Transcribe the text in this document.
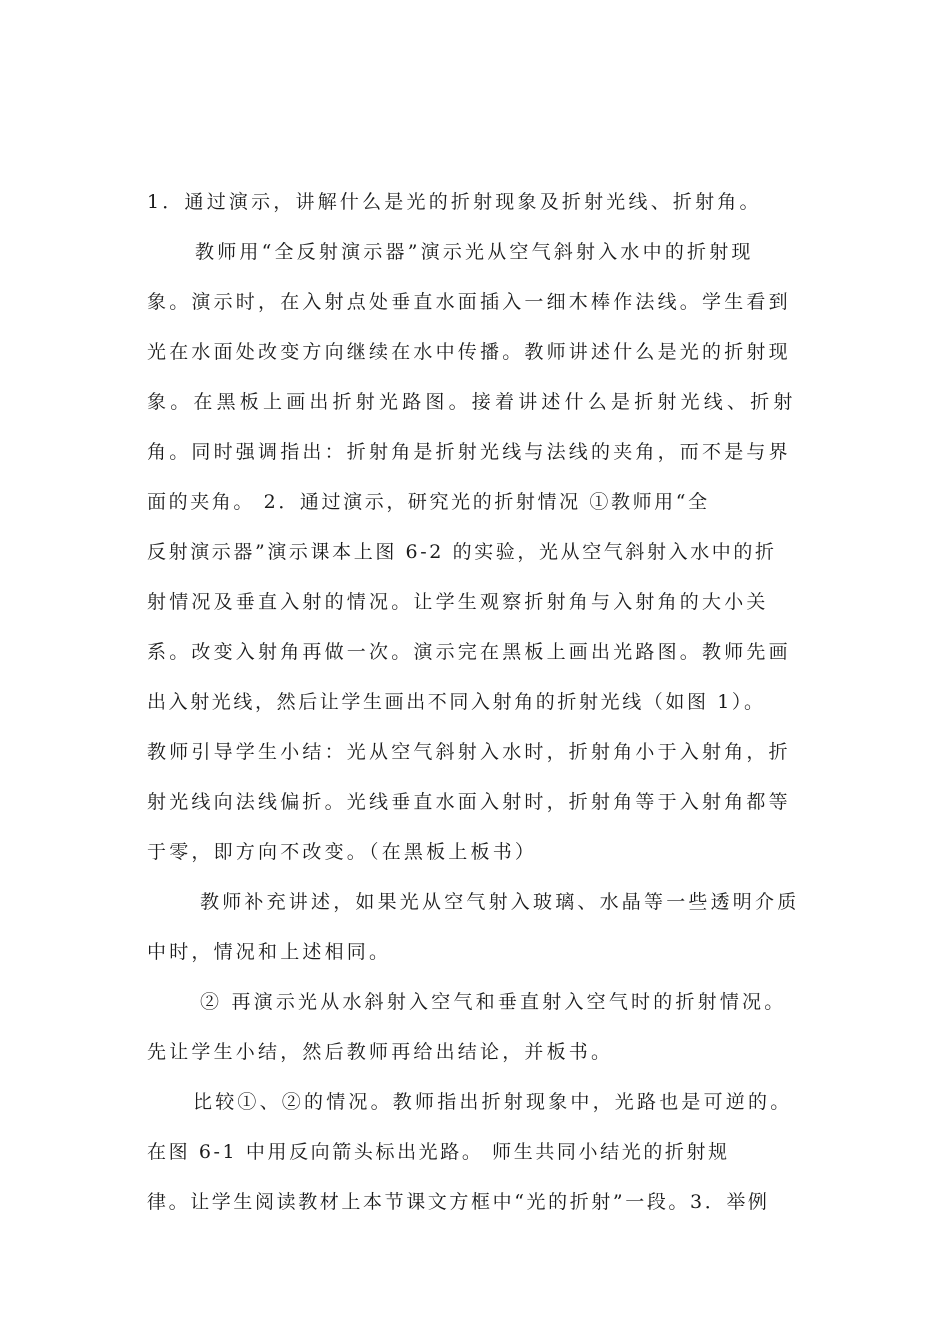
1．通过演示，讲解什么是光的折射现象及折射光线、折射角。
教师用“全反射演示器”演示光从空气斜射入水中的折射现
象。演示时，在入射点处垂直水面插入一细木棒作法线。学生看到
光在水面处改变方向继续在水中传播。教师讲述什么是光的折射现
象。在黑板上画出折射光路图。接着讲述什么是折射光线、折射
角。同时强调指出：折射角是折射光线与法线的夹角，而不是与界
面的夹角。 2．通过演示，研究光的折射情况 ①教师用“全
反射演示器”演示课本上图 6-2 的实验，光从空气斜射入水中的折
射情况及垂直入射的情况。让学生观察折射角与入射角的大小关
系。改变入射角再做一次。演示完在黑板上画出光路图。教师先画
出入射光线，然后让学生画出不同入射角的折射光线（如图 1）。
教师引导学生小结：光从空气斜射入水时，折射角小于入射角，折
射光线向法线偏折。光线垂直水面入射时，折射角等于入射角都等
于零，即方向不改变。（在黑板上板书）
教师补充讲述，如果光从空气射入玻璃、水晶等一些透明介质
中时，情况和上述相同。
② 再演示光从水斜射入空气和垂直射入空气时的折射情况。
先让学生小结，然后教师再给出结论，并板书。
比较①、②的情况。教师指出折射现象中，光路也是可逆的。
在图 6-1 中用反向箭头标出光路。 师生共同小结光的折射规
律。让学生阅读教材上本节课文方框中“光的折射”一段。3．举例
